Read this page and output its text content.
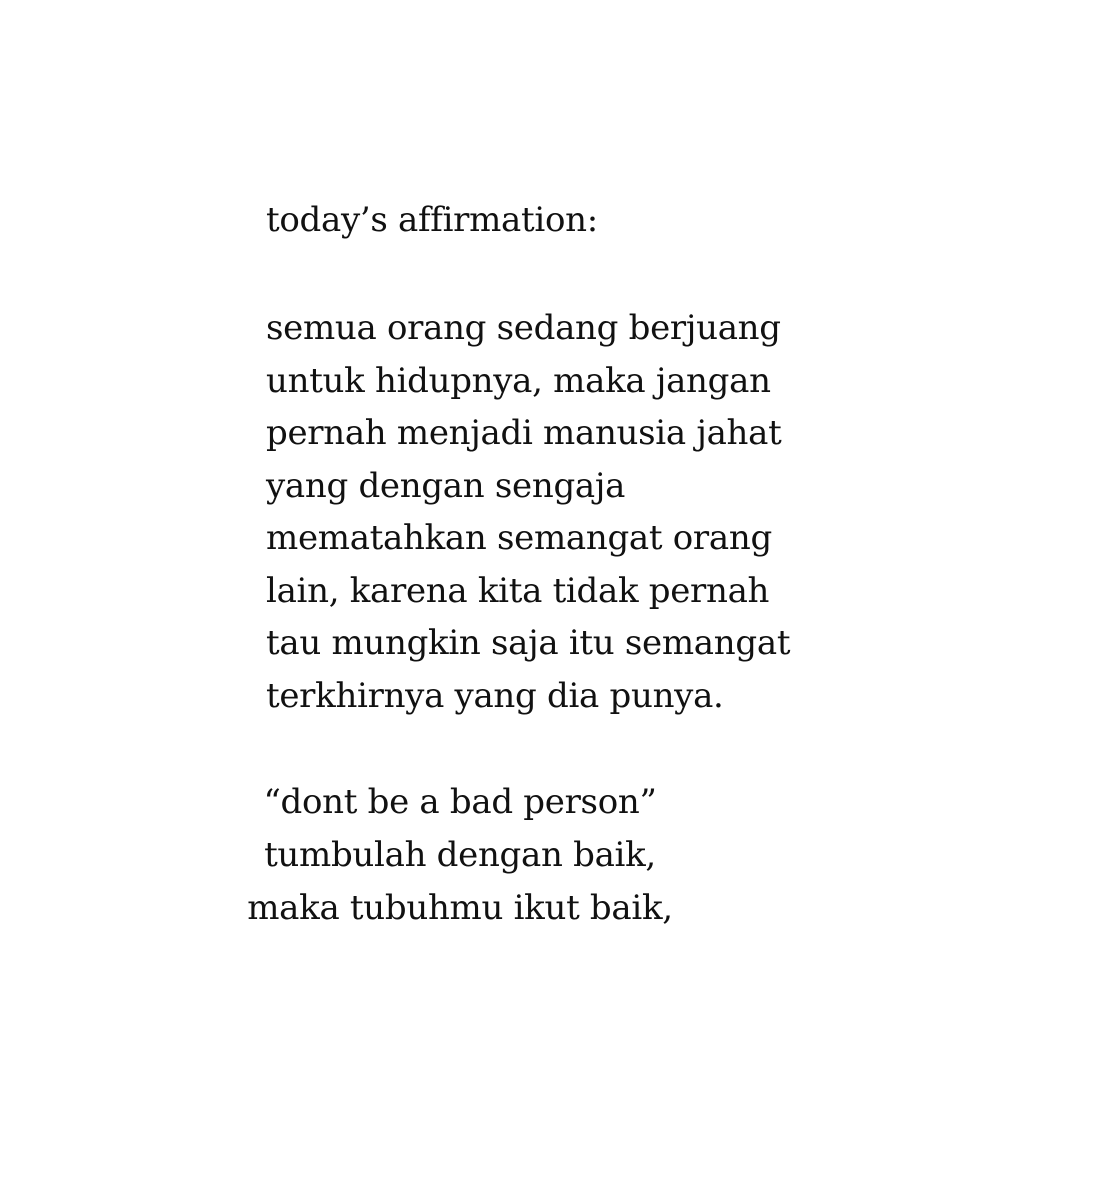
today’s affirmation:
semua orang sedang berjuang
untuk hidupnya, maka jangan
pernah menjadi manusia jahat
yang dengan sengaja
mematahkan semangat orang
lain, karena kita tidak pernah
tau mungkin saja itu semangat
terkhirnya yang dia punya.
“dont be a bad person”
tumbulah dengan baik,
maka tubuhmu ikut baik,
